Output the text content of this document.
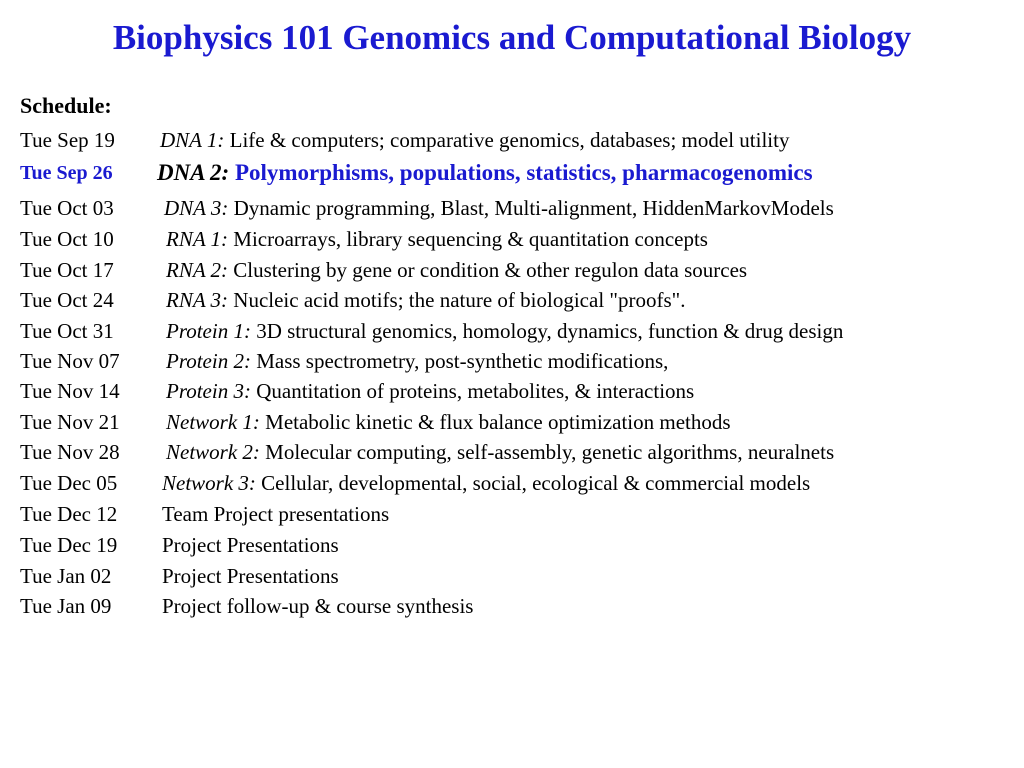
Biophysics 101 Genomics and Computational Biology
Schedule:
Tue Sep 19 DNA 1: Life & computers; comparative genomics, databases; model utility
Tue Sep 26 DNA 2: Polymorphisms, populations, statistics, pharmacogenomics
Tue Oct 03 DNA 3: Dynamic programming, Blast, Multi-alignment, HiddenMarkovModels
Tue Oct 10 RNA 1: Microarrays, library sequencing & quantitation concepts
Tue Oct 17 RNA 2: Clustering by gene or condition & other regulon data sources
Tue Oct 24 RNA 3: Nucleic acid motifs; the nature of biological "proofs".
Tue Oct 31 Protein 1: 3D structural genomics, homology, dynamics, function & drug design
Tue Nov 07 Protein 2: Mass spectrometry, post-synthetic modifications,
Tue Nov 14 Protein 3: Quantitation of proteins, metabolites, & interactions
Tue Nov 21 Network 1: Metabolic kinetic & flux balance optimization methods
Tue Nov 28 Network 2: Molecular computing, self-assembly, genetic algorithms, neuralnets
Tue Dec 05 Network 3: Cellular, developmental, social, ecological & commercial models
Tue Dec 12 Team Project presentations
Tue Dec 19 Project Presentations
Tue Jan 02 Project Presentations
Tue Jan 09 Project follow-up & course synthesis
